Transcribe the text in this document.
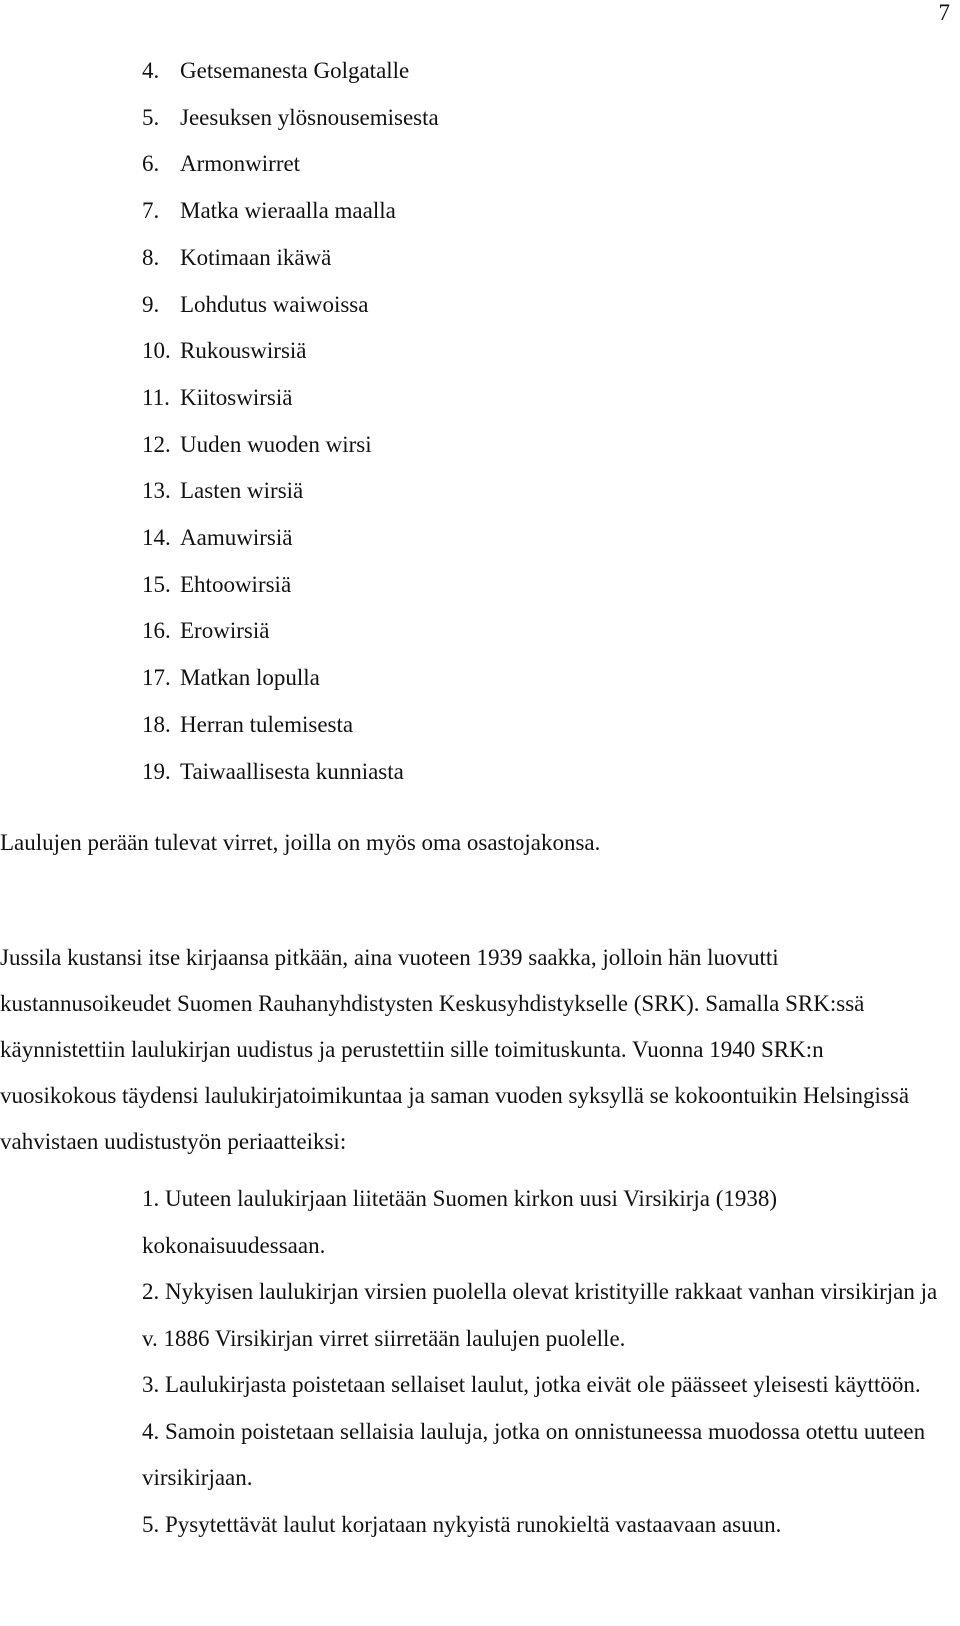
7
4. Getsemanesta Golgatalle
5. Jeesuksen ylösnousemisesta
6. Armonwirret
7. Matka wieraalla maalla
8. Kotimaan ikäwä
9. Lohdutus waiwoissa
10. Rukouswirsiä
11. Kiitoswirsiä
12. Uuden wuoden wirsi
13. Lasten wirsiä
14. Aamuwirsiä
15. Ehtoowirsiä
16. Erowirsiä
17. Matkan lopulla
18. Herran tulemisesta
19. Taiwaallisesta kunniasta

Laulujen perään tulevat virret, joilla on myös oma osastojakonsa.

Jussila kustansi itse kirjaansa pitkään, aina vuoteen 1939 saakka, jolloin hän luovutti kustannusoikeudet Suomen Rauhanyhdistysten Keskusyhdistykselle (SRK). Samalla SRK:ssä käynnistettiin laulukirjan uudistus ja perustettiin sille toimituskunta. Vuonna 1940 SRK:n vuosikokous täydensi laulukirjatoimikuntaa ja saman vuoden syksyllä se kokoontuikin Helsingissä vahvistaen uudistustyön periaatteiksi:

1. Uuteen laulukirjaan liitetään Suomen kirkon uusi Virsikirja (1938) kokonaisuudessaan.
2. Nykyisen laulukirjan virsien puolella olevat kristityille rakkaat vanhan virsikirjan ja v. 1886 Virsikirjan virret siirretään laulujen puolelle.
3. Laulukirjasta poistetaan sellaiset laulut, jotka eivät ole päässeet yleisesti käyttöön.
4. Samoin poistetaan sellaisia lauluja, jotka on onnistuneessa muodossa otettu uuteen virsikirjaan.
5. Pysytettävät laulut korjataan nykyistä runokieltä vastaavaan asuun.
